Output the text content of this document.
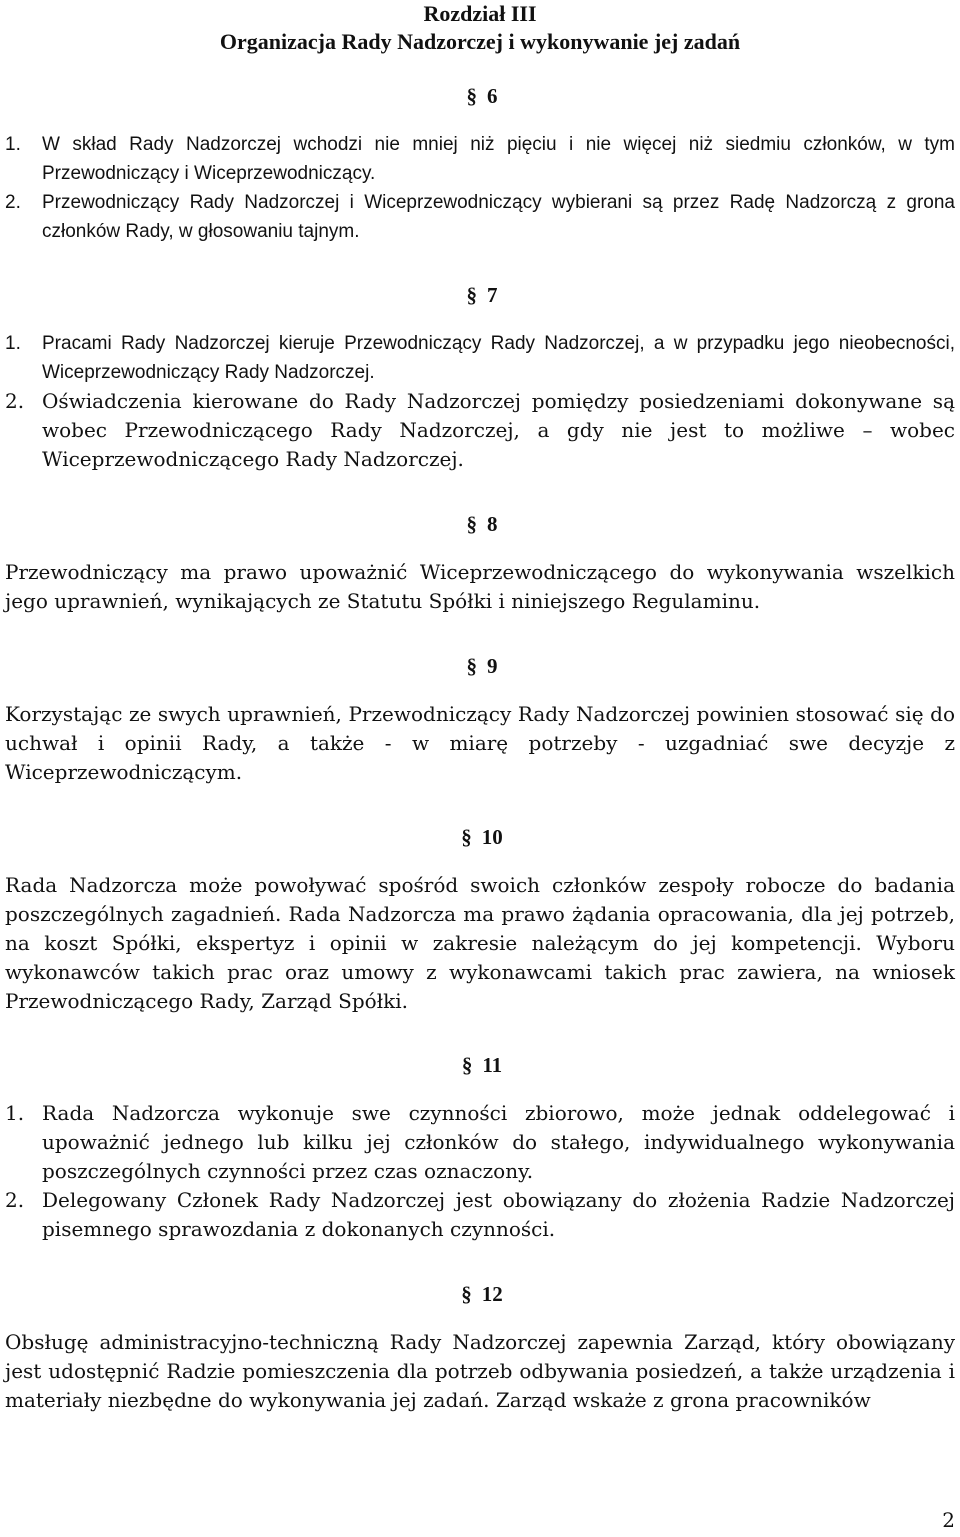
Rozdział III
Organizacja Rady Nadzorczej i wykonywanie jej zadań
§ 6
1. W skład Rady Nadzorczej wchodzi nie mniej niż pięciu i nie więcej niż siedmiu członków, w tym Przewodniczący i Wiceprzewodniczący.
2. Przewodniczący Rady Nadzorczej i Wiceprzewodniczący wybierani są przez Radę Nadzorczą z grona członków Rady, w głosowaniu tajnym.
§ 7
1. Pracami Rady Nadzorczej kieruje Przewodniczący Rady Nadzorczej, a w przypadku jego nieobecności, Wiceprzewodniczący Rady Nadzorczej.
2. Oświadczenia kierowane do Rady Nadzorczej pomiędzy posiedzeniami dokonywane są wobec Przewodniczącego Rady Nadzorczej, a gdy nie jest to możliwe – wobec Wiceprzewodniczącego Rady Nadzorczej.
§ 8

Przewodniczący ma prawo upoważnić Wiceprzewodniczącego do wykonywania wszelkich jego uprawnień, wynikających ze Statutu Spółki i niniejszego Regulaminu.

§ 9

Korzystając ze swych uprawnień, Przewodniczący Rady Nadzorczej powinien stosować się do uchwał i opinii Rady, a także - w miarę potrzeby - uzgadniać swe decyzje z Wiceprzewodniczącym.

§ 10

Rada Nadzorcza może powoływać spośród swoich członków zespoły robocze do badania poszczególnych zagadnień. Rada Nadzorcza ma prawo żądania opracowania, dla jej potrzeb, na koszt Spółki, ekspertyz i opinii w zakresie należącym do jej kompetencji. Wyboru wykonawców takich prac oraz umowy z wykonawcami takich prac zawiera, na wniosek Przewodniczącego Rady, Zarząd Spółki.

§ 11
1. Rada Nadzorcza wykonuje swe czynności zbiorowo, może jednak oddelegować i upoważnić jednego lub kilku jej członków do stałego, indywidualnego wykonywania poszczególnych czynności przez czas oznaczony.
2. Delegowany Członek Rady Nadzorczej jest obowiązany do złożenia Radzie Nadzorczej pisemnego sprawozdania z dokonanych czynności.
§ 12

Obsługę administracyjno-techniczną Rady Nadzorczej zapewnia Zarząd, który obowiązany jest udostępnić Radzie pomieszczenia dla potrzeb odbywania posiedzeń, a także urządzenia i materiały niezbędne do wykonywania jej zadań. Zarząd wskaże z grona pracowników

2
